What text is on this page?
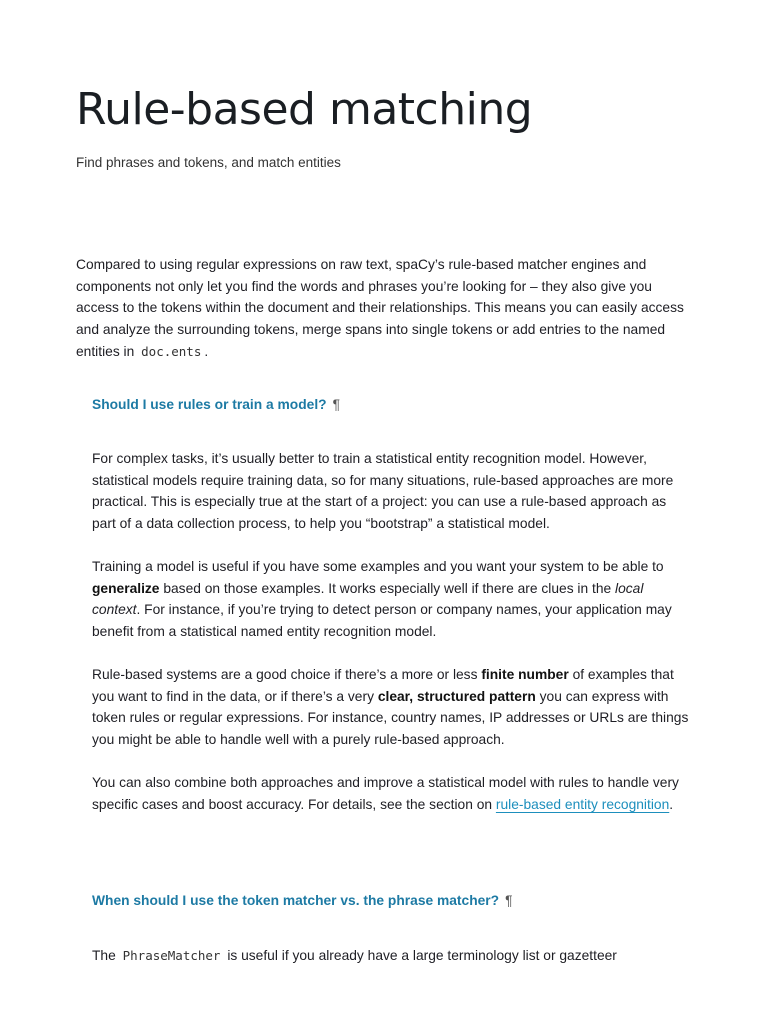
Rule-based matching

Find phrases and tokens, and match entities

Compared to using regular expressions on raw text, spaCy’s rule-based matcher engines and components not only let you find the words and phrases you’re looking for – they also give you access to the tokens within the document and their relationships. This means you can easily access and analyze the surrounding tokens, merge spans into single tokens or add entries to the named entities in doc.ents .

Should I use rules or train a model? ¶

For complex tasks, it’s usually better to train a statistical entity recognition model. However, statistical models require training data, so for many situations, rule-based approaches are more practical. This is especially true at the start of a project: you can use a rule-based approach as part of a data collection process, to help you “bootstrap” a statistical model.

Training a model is useful if you have some examples and you want your system to be able to generalize based on those examples. It works especially well if there are clues in the local context. For instance, if you’re trying to detect person or company names, your application may benefit from a statistical named entity recognition model.

Rule-based systems are a good choice if there’s a more or less finite number of examples that you want to find in the data, or if there’s a very clear, structured pattern you can express with token rules or regular expressions. For instance, country names, IP addresses or URLs are things you might be able to handle well with a purely rule-based approach.

You can also combine both approaches and improve a statistical model with rules to handle very specific cases and boost accuracy. For details, see the section on rule-based entity recognition.

When should I use the token matcher vs. the phrase matcher? ¶

The PhraseMatcher is useful if you already have a large terminology list or gazetteer
